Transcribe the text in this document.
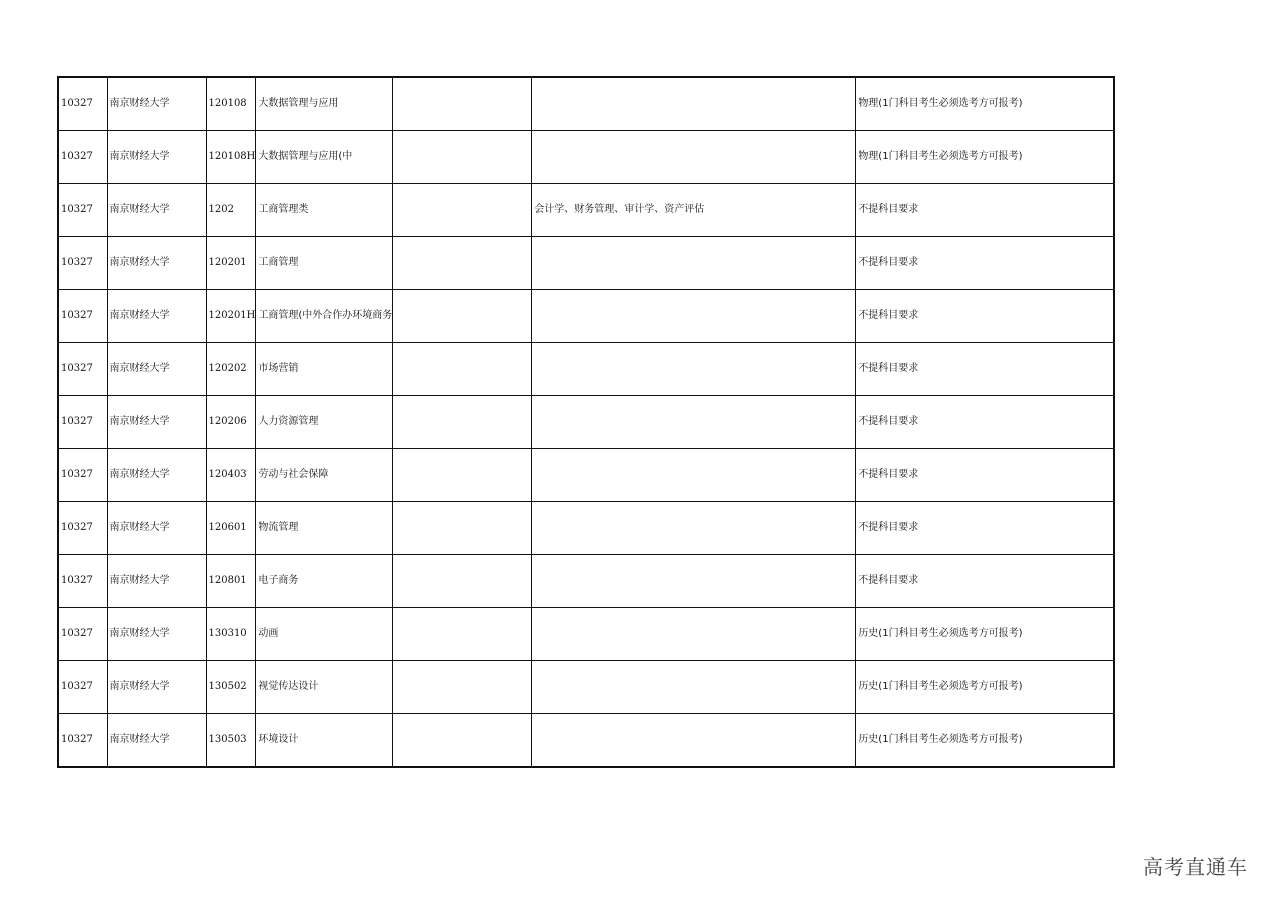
10327	南京财经大学	120108	大数据管理与应用			物理(1门科目考生必须选考方可报考)
10327	南京财经大学	120108H	大数据管理与应用(中			物理(1门科目考生必须选考方可报考)
10327	南京财经大学	1202	工商管理类		会计学、财务管理、审计学、资产评估	不提科目要求
10327	南京财经大学	120201	工商管理			不提科目要求
10327	南京财经大学	120201H	工商管理(中外合作办环境商务			不提科目要求
10327	南京财经大学	120202	市场营销			不提科目要求
10327	南京财经大学	120206	人力资源管理			不提科目要求
10327	南京财经大学	120403	劳动与社会保障			不提科目要求
10327	南京财经大学	120601	物流管理			不提科目要求
10327	南京财经大学	120801	电子商务			不提科目要求
10327	南京财经大学	130310	动画			历史(1门科目考生必须选考方可报考)
10327	南京财经大学	130502	视觉传达设计			历史(1门科目考生必须选考方可报考)
10327	南京财经大学	130503	环境设计			历史(1门科目考生必须选考方可报考)
高考直通车
